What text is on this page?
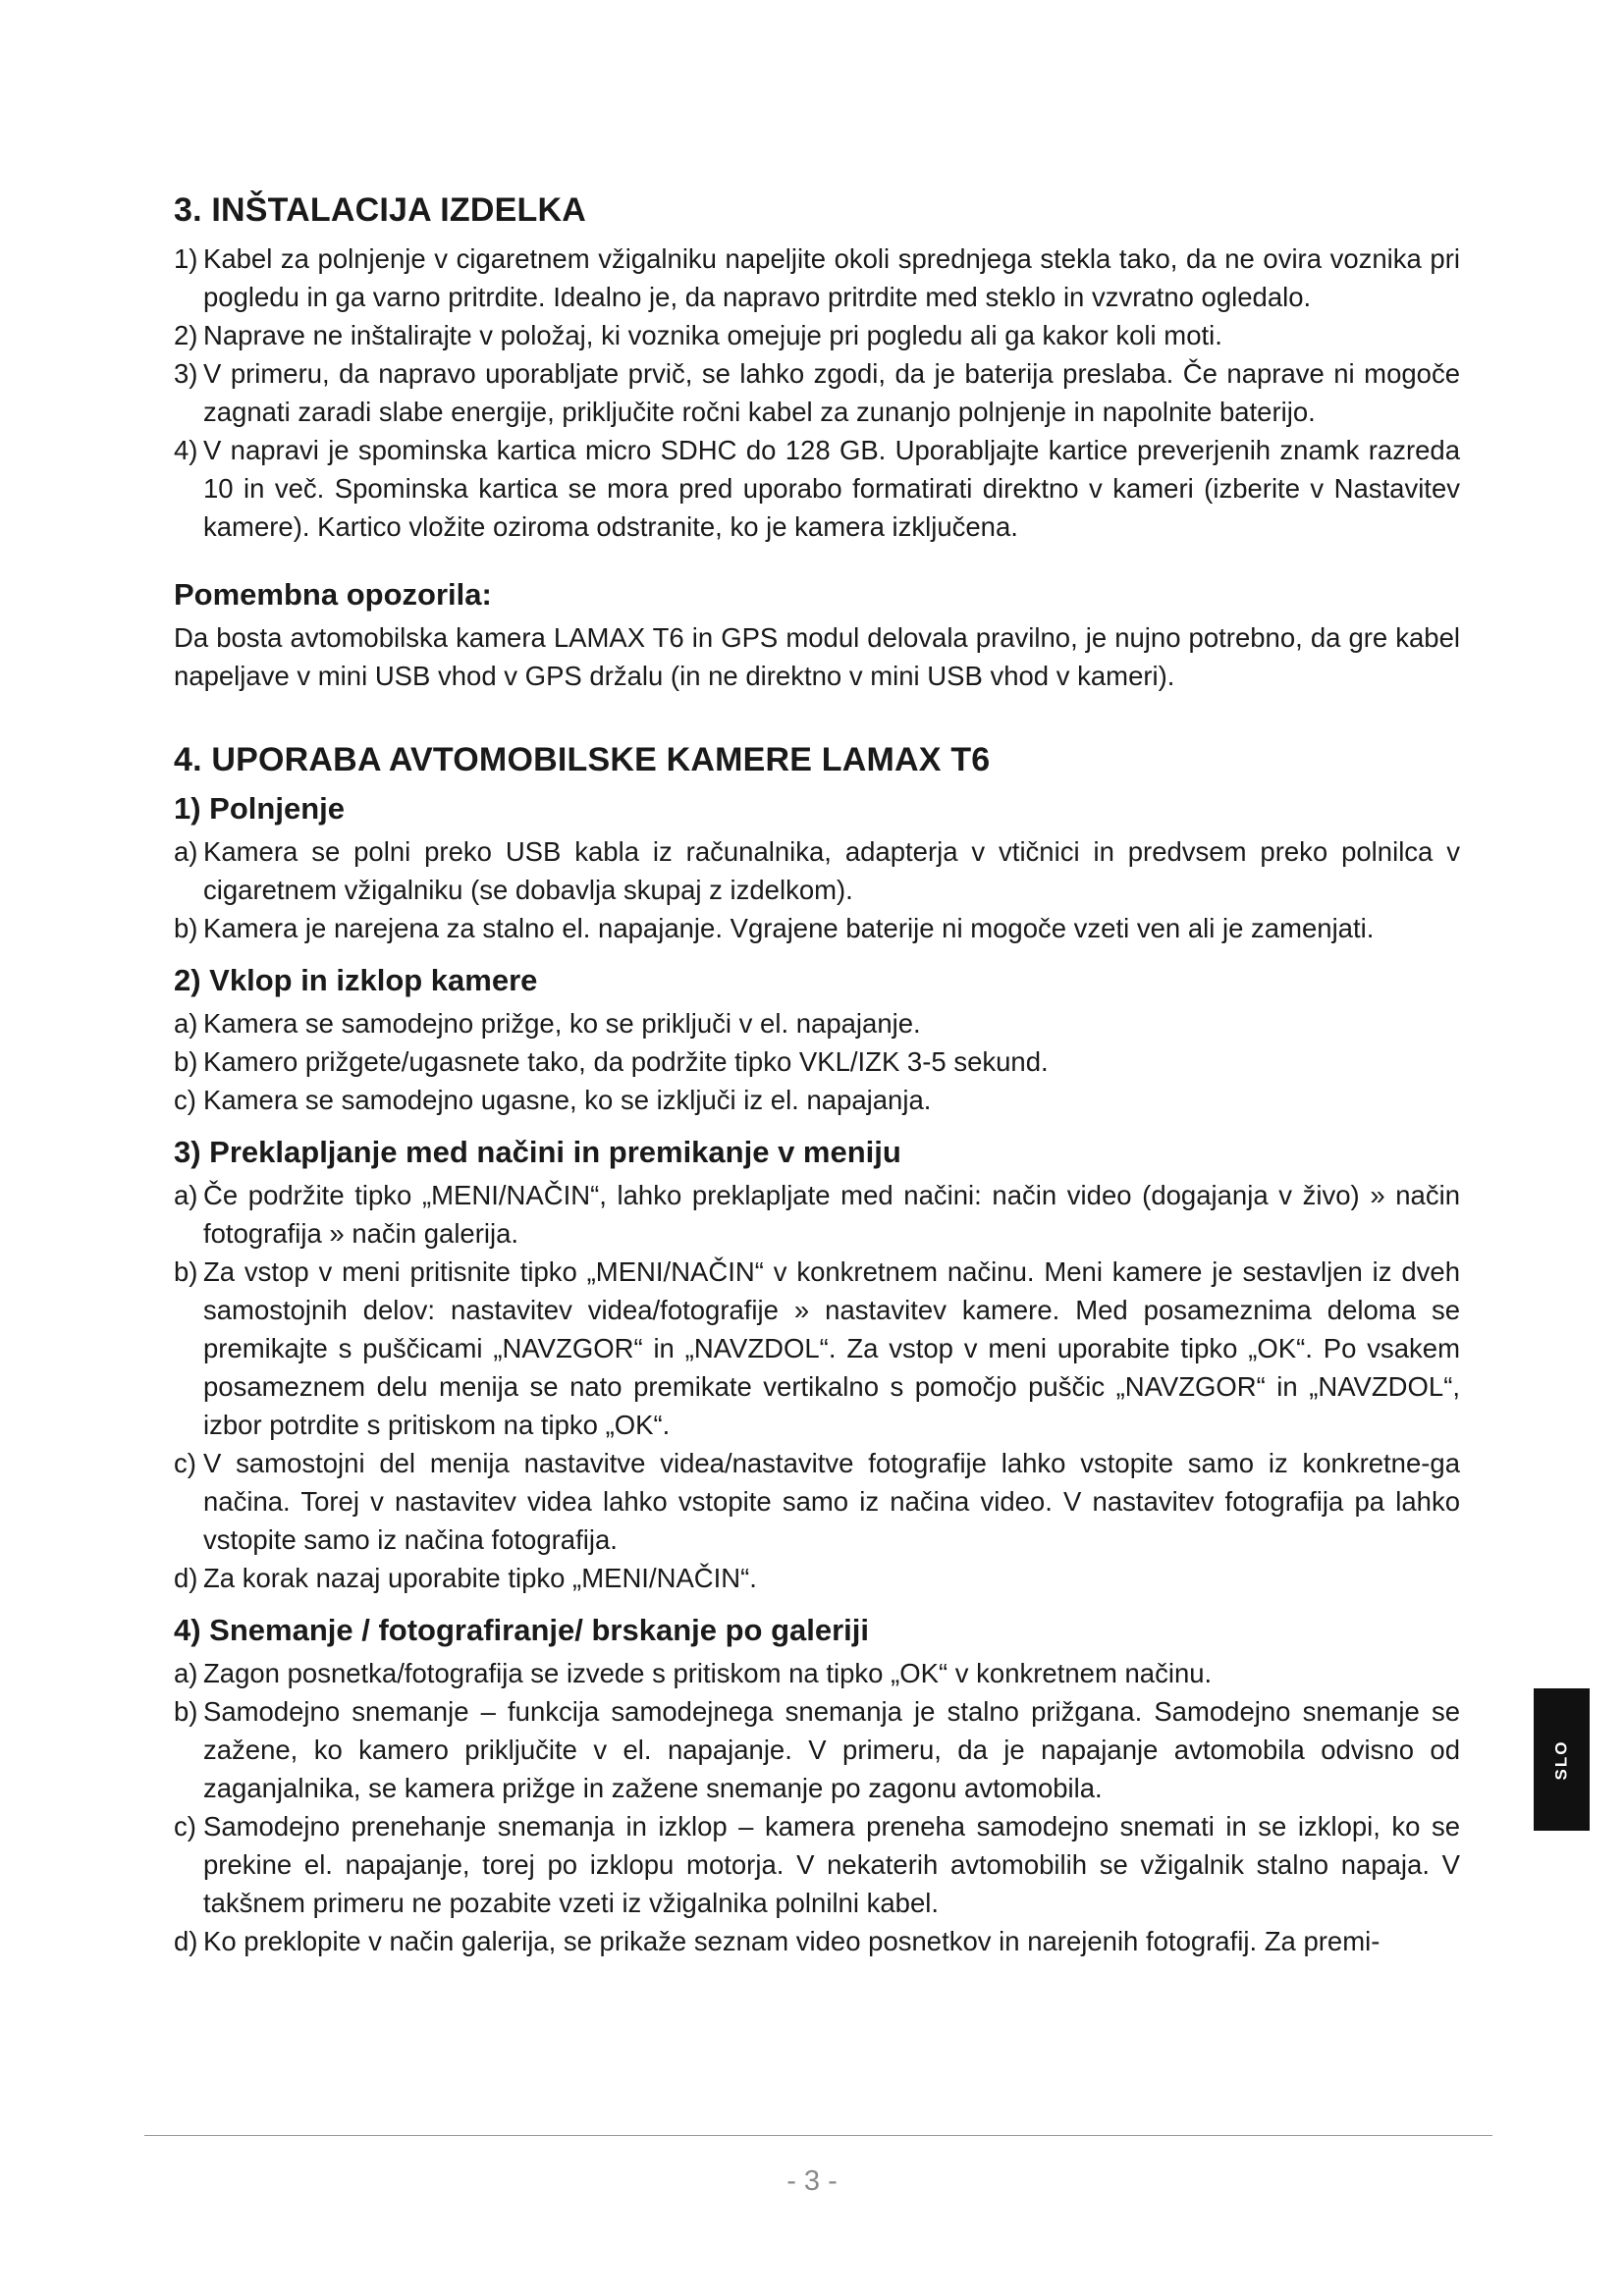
3. INŠTALACIJA IZDELKA
1) Kabel za polnjenje v cigaretnem vžigalniku napeljite okoli sprednjega stekla tako, da ne ovira voznika pri pogledu in ga varno pritrdite. Idealno je, da napravo pritrdite med steklo in vzvratno ogledalo.
2) Naprave ne inštalirajte v položaj, ki voznika omejuje pri pogledu ali ga kakor koli moti.
3) V primeru, da napravo uporabljate prvič, se lahko zgodi, da je baterija preslaba. Če naprave ni mogoče zagnati zaradi slabe energije, priključite ročni kabel za zunanjo polnjenje in napolnite baterijo.
4) V napravi je spominska kartica micro SDHC do 128 GB. Uporabljajte kartice preverjenih znamk razreda 10 in več. Spominska kartica se mora pred uporabo formatirati direktno v kameri (izberite v Nastavitev kamere). Kartico vložite oziroma odstranite, ko je kamera izključena.
Pomembna opozorila:

Da bosta avtomobilska kamera LAMAX T6 in GPS modul delovala pravilno, je nujno potrebno, da gre kabel napeljave v mini USB vhod v GPS držalu (in ne direktno v mini USB vhod v kameri).

4. UPORABA AVTOMOBILSKE KAMERE LAMAX T6
1) Polnjenje
a) Kamera se polni preko USB kabla iz računalnika, adapterja v vtičnici in predvsem preko polnilca v cigaretnem vžigalniku (se dobavlja skupaj z izdelkom).
b) Kamera je narejena za stalno el. napajanje. Vgrajene baterije ni mogoče vzeti ven ali je zamenjati.
2) Vklop in izklop kamere
a) Kamera se samodejno prižge, ko se priključi v el. napajanje.
b) Kamero prižgete/ugasnete tako, da podržite tipko VKL/IZK 3-5 sekund.
c) Kamera se samodejno ugasne, ko se izključi iz el. napajanja.
3) Preklapljanje med načini in premikanje v meniju
a) Če podržite tipko „MENI/NAČIN“, lahko preklapljate med načini: način video (dogajanja v živo) » način fotografija » način galerija.
b) Za vstop v meni pritisnite tipko „MENI/NAČIN“ v konkretnem načinu. Meni kamere je sestavljen iz dveh samostojnih delov: nastavitev videa/fotografije » nastavitev kamere. Med posameznima deloma se premikajte s puščicami „NAVZGOR“ in „NAVZDOL“. Za vstop v meni uporabite tipko „OK“. Po vsakem posameznem delu menija se nato premikate vertikalno s pomočjo puščic „NAVZGOR“ in „NAVZDOL“, izbor potrdite s pritiskom na tipko „OK“.
c) V samostojni del menija nastavitve videa/nastavitve fotografije lahko vstopite samo iz konkretne-ga načina. Torej v nastavitev videa lahko vstopite samo iz načina video. V nastavitev fotografija pa lahko vstopite samo iz načina fotografija.
d) Za korak nazaj uporabite tipko „MENI/NAČIN“.
4) Snemanje / fotografiranje/ brskanje po galeriji
a) Zagon posnetka/fotografija se izvede s pritiskom na tipko „OK“ v konkretnem načinu.
b) Samodejno snemanje – funkcija samodejnega snemanja je stalno prižgana. Samodejno snemanje se zažene, ko kamero priključite v el. napajanje. V primeru, da je napajanje avtomobila odvisno od zaganjalnika, se kamera prižge in zažene snemanje po zagonu avtomobila.
c) Samodejno prenehanje snemanja in izklop – kamera preneha samodejno snemati in se izklopi, ko se prekine el. napajanje, torej po izklopu motorja. V nekaterih avtomobilih se vžigalnik stalno napaja. V takšnem primeru ne pozabite vzeti iz vžigalnika polnilni kabel.
d) Ko preklopite v način galerija, se prikaže seznam video posnetkov in narejenih fotografij. Za premi-
SLO
- 3 -
